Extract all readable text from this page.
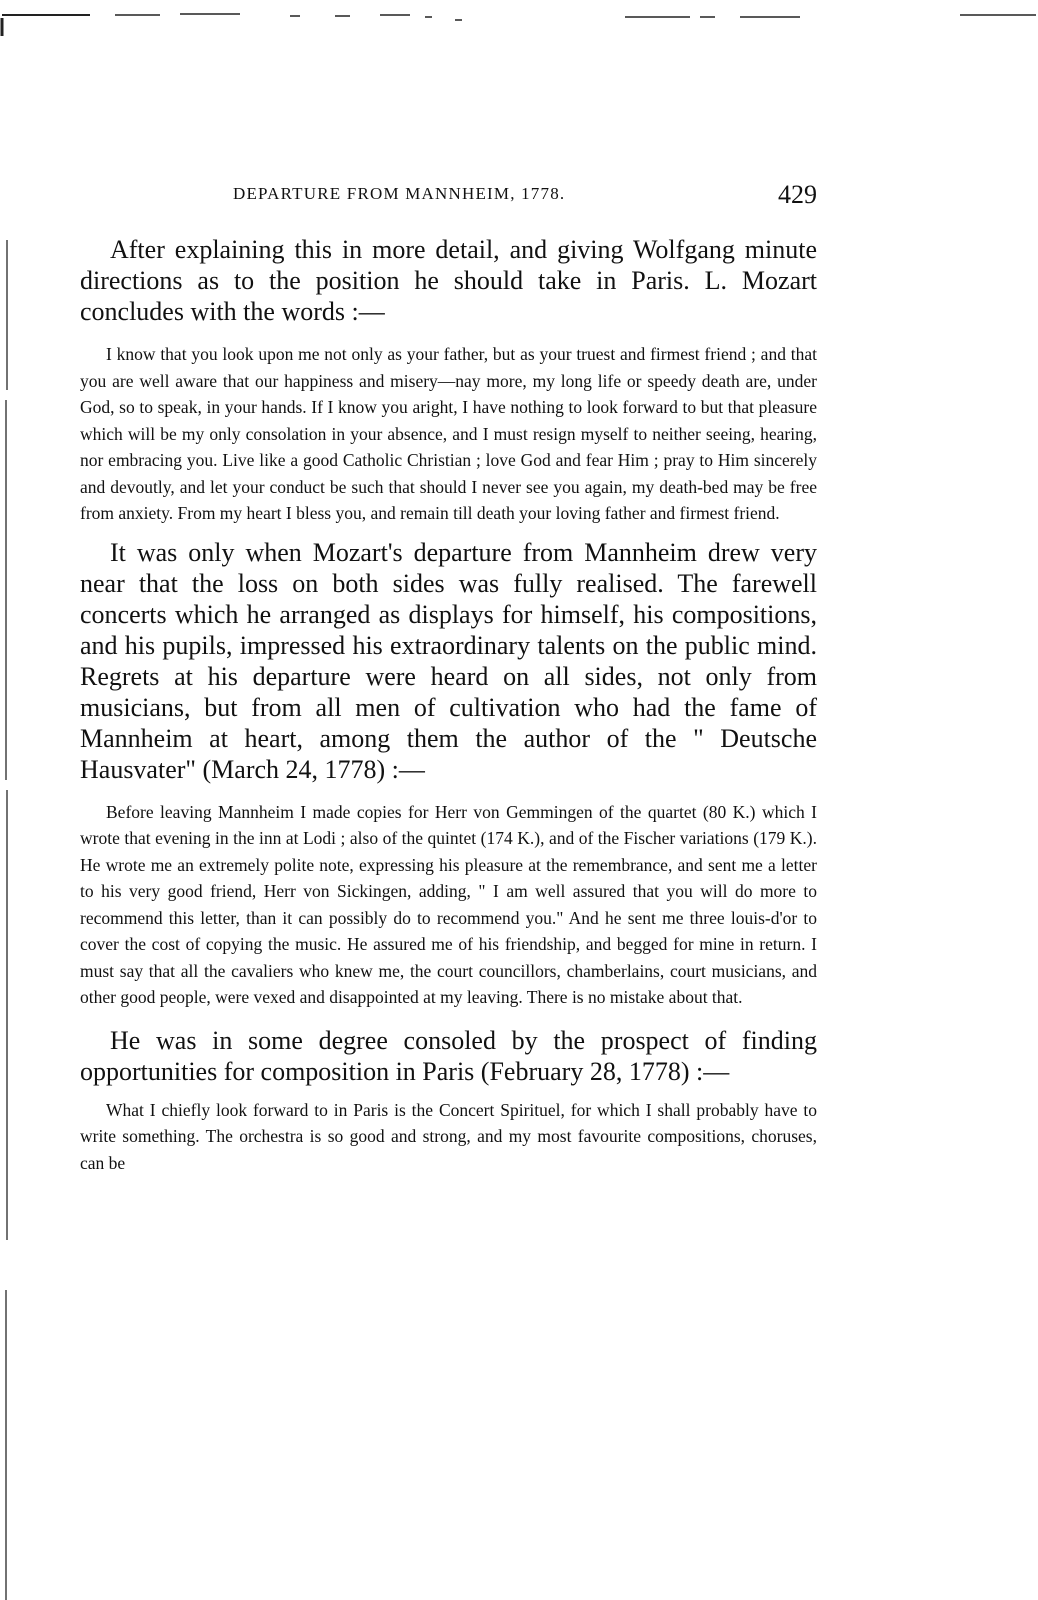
DEPARTURE FROM MANNHEIM, 1778.	429

After explaining this in more detail, and giving Wolfgang minute directions as to the position he should take in Paris. L. Mozart concludes with the words :—

I know that you look upon me not only as your father, but as your truest and firmest friend ; and that you are well aware that our happiness and misery—nay more, my long life or speedy death are, under God, so to speak, in your hands. If I know you aright, I have nothing to look forward to but that pleasure which will be my only consolation in your absence, and I must resign myself to neither seeing, hearing, nor embracing you. Live like a good Catholic Christian ; love God and fear Him ; pray to Him sincerely and devoutly, and let your conduct be such that should I never see you again, my death-bed may be free from anxiety. From my heart I bless you, and remain till death your loving father and firmest friend.

It was only when Mozart's departure from Mannheim drew very near that the loss on both sides was fully realised. The farewell concerts which he arranged as displays for himself, his compositions, and his pupils, impressed his extraordinary talents on the public mind. Regrets at his departure were heard on all sides, not only from musicians, but from all men of cultivation who had the fame of Mannheim at heart, among them the author of the " Deutsche Hausvater" (March 24, 1778) :—

Before leaving Mannheim I made copies for Herr von Gemmingen of the quartet (80 K.) which I wrote that evening in the inn at Lodi ; also of the quintet (174 K.), and of the Fischer variations (179 K.). He wrote me an extremely polite note, expressing his pleasure at the remembrance, and sent me a letter to his very good friend, Herr von Sickingen, adding, " I am well assured that you will do more to recommend this letter, than it can possibly do to recommend you." And he sent me three louis-d'or to cover the cost of copying the music. He assured me of his friendship, and begged for mine in return. I must say that all the cavaliers who knew me, the court councillors, chamberlains, court musicians, and other good people, were vexed and disappointed at my leaving. There is no mistake about that.

He was in some degree consoled by the prospect of finding opportunities for composition in Paris (February 28, 1778) :—

What I chiefly look forward to in Paris is the Concert Spirituel, for which I shall probably have to write something. The orchestra is so good and strong, and my most favourite compositions, choruses, can be
